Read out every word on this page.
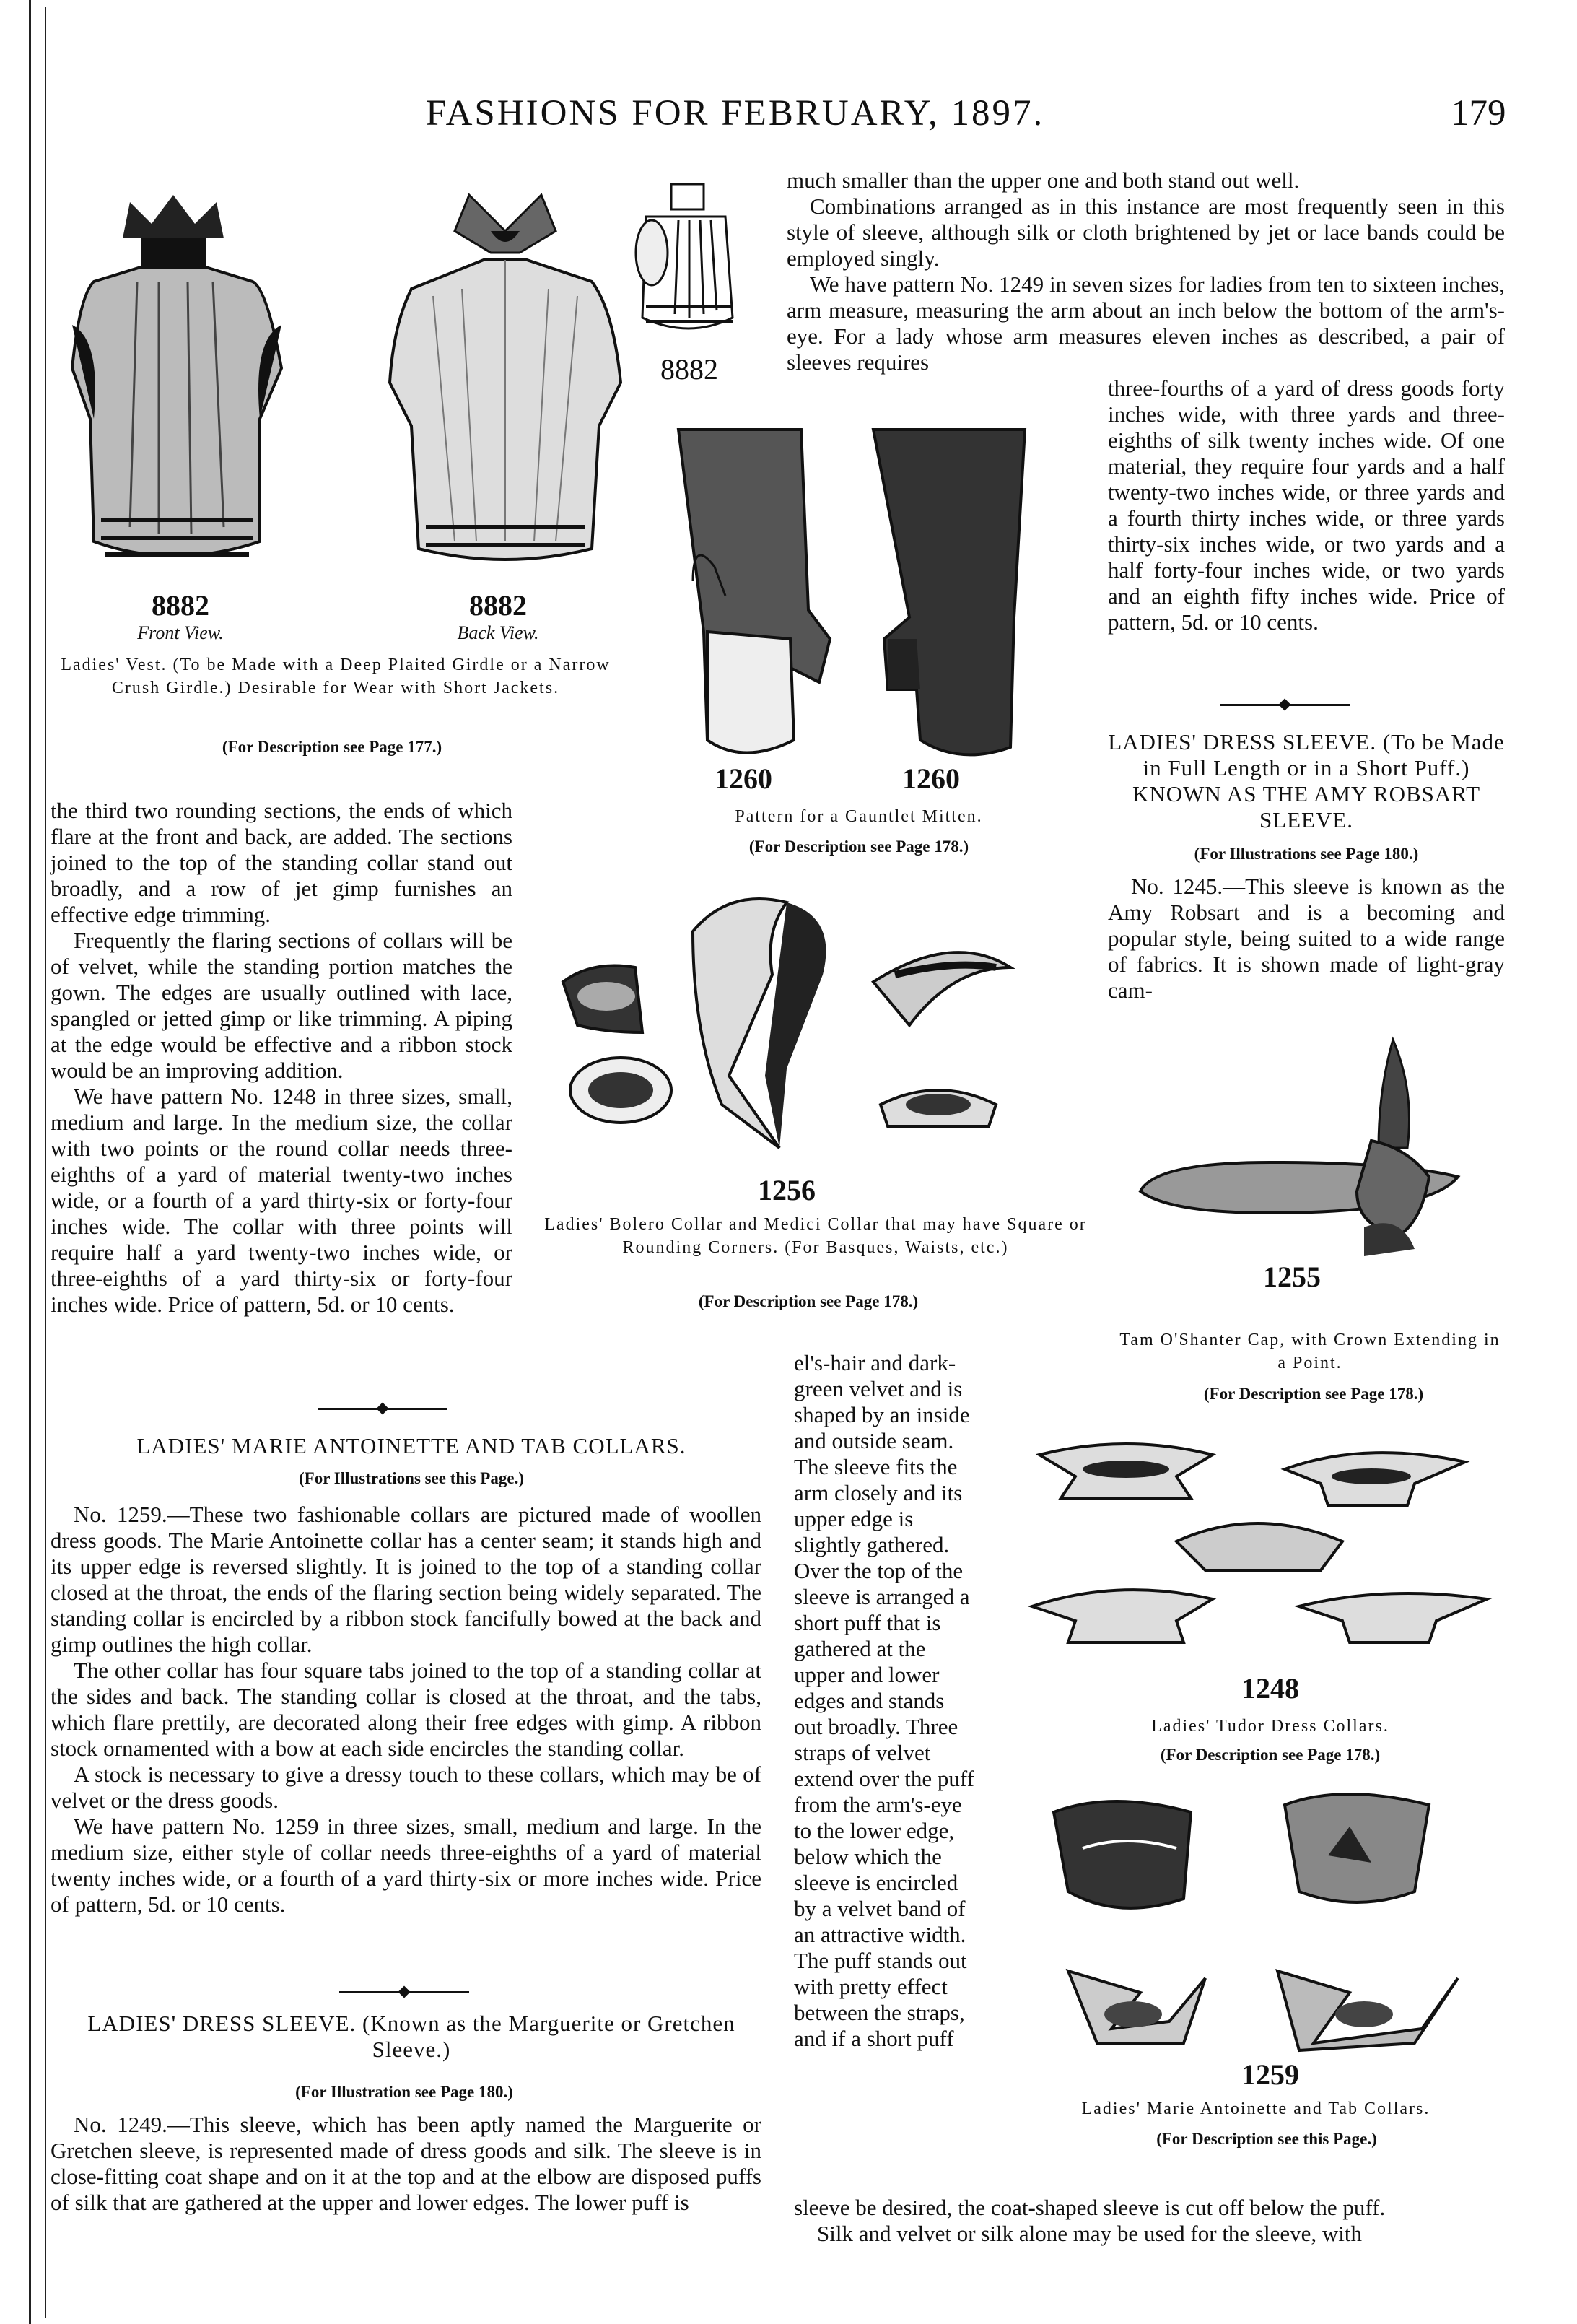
FASHIONS FOR FEBRUARY, 1897.	179
8882
Front View.
8882
Back View.
8882
Ladies' Vest. (To be Made with a Deep Plaited Girdle or a Narrow Crush Girdle.) Desirable for Wear with Short Jackets.
(For Description see Page 177.)
1260	1260
Pattern for a Gauntlet Mitten.
(For Description see Page 178.)
1256
Ladies' Bolero Collar and Medici Collar that may have Square or Rounding Corners. (For Basques, Waists, etc.)
(For Description see Page 178.)

the third two rounding sections, the ends of which flare at the front and back, are added. The sections joined to the top of the standing collar stand out broadly, and a row of jet gimp furnishes an effective edge trimming.

Frequently the flaring sections of collars will be of velvet, while the standing portion matches the gown. The edges are usually outlined with lace, spangled or jetted gimp or like trimming. A piping at the edge would be effective and a ribbon stock would be an improving addition.

We have pattern No. 1248 in three sizes, small, medium and large. In the medium size, the collar with two points or the round collar needs three-eighths of a yard of material twenty-two inches wide, or a fourth of a yard thirty-six or forty-four inches wide. The collar with three points will require half a yard twenty-two inches wide, or three-eighths of a yard thirty-six or forty-four inches wide. Price of pattern, 5d. or 10 cents.

LADIES' MARIE ANTOINETTE AND TAB COLLARS.
(For Illustrations see this Page.)

No. 1259.—These two fashionable collars are pictured made of woollen dress goods. The Marie Antoinette collar has a center seam; it stands high and its upper edge is reversed slightly. It is joined to the top of a standing collar closed at the throat, the ends of the flaring section being widely separated. The standing collar is encircled by a ribbon stock fancifully bowed at the back and gimp outlines the high collar.

The other collar has four square tabs joined to the top of a standing collar at the sides and back. The standing collar is closed at the throat, and the tabs, which flare prettily, are decorated along their free edges with gimp. A ribbon stock ornamented with a bow at each side encircles the standing collar.

A stock is necessary to give a dressy touch to these collars, which may be of velvet or the dress goods.

We have pattern No. 1259 in three sizes, small, medium and large. In the medium size, either style of collar needs three-eighths of a yard of material twenty inches wide, or a fourth of a yard thirty-six or more inches wide. Price of pattern, 5d. or 10 cents.

LADIES' DRESS SLEEVE. (Known as the Marguerite or Gretchen Sleeve.)
(For Illustration see Page 180.)

No. 1249.—This sleeve, which has been aptly named the Marguerite or Gretchen sleeve, is represented made of dress goods and silk. The sleeve is in close-fitting coat shape and on it at the top and at the elbow are disposed puffs of silk that are gathered at the upper and lower edges. The lower puff is

much smaller than the upper one and both stand out well.

Combinations arranged as in this instance are most frequently seen in this style of sleeve, although silk or cloth brightened by jet or lace bands could be employed singly.

We have pattern No. 1249 in seven sizes for ladies from ten to sixteen inches, arm measure, measuring the arm about an inch below the bottom of the arm's-eye. For a lady whose arm measures eleven inches as described, a pair of sleeves requires

three-fourths of a yard of dress goods forty inches wide, with three yards and three-eighths of silk twenty inches wide. Of one material, they require four yards and a half twenty-two inches wide, or three yards and a fourth thirty inches wide, or three yards thirty-six inches wide, or two yards and a half forty-four inches wide, or two yards and an eighth fifty inches wide. Price of pattern, 5d. or 10 cents.

LADIES' DRESS SLEEVE. (To be Made in Full Length or in a Short Puff.) KNOWN AS THE AMY ROBSART SLEEVE.
(For Illustrations see Page 180.)

No. 1245.—This sleeve is known as the Amy Robsart and is a becoming and popular style, being suited to a wide range of fabrics. It is shown made of light-gray cam-

1255
Tam O'Shanter Cap, with Crown Extending in a Point.
(For Description see Page 178.)
1248
Ladies' Tudor Dress Collars.
(For Description see Page 178.)
1259
Ladies' Marie Antoinette and Tab Collars.
(For Description see this Page.)

el's-hair and dark-green velvet and is shaped by an inside and outside seam. The sleeve fits the arm closely and its upper edge is slightly gathered. Over the top of the sleeve is arranged a short puff that is gathered at the upper and lower edges and stands out broadly. Three straps of velvet extend over the puff from the arm's-eye to the lower edge, below which the sleeve is encircled by a velvet band of an attractive width. The puff stands out with pretty effect between the straps, and if a short puff

sleeve be desired, the coat-shaped sleeve is cut off below the puff.

Silk and velvet or silk alone may be used for the sleeve, with
